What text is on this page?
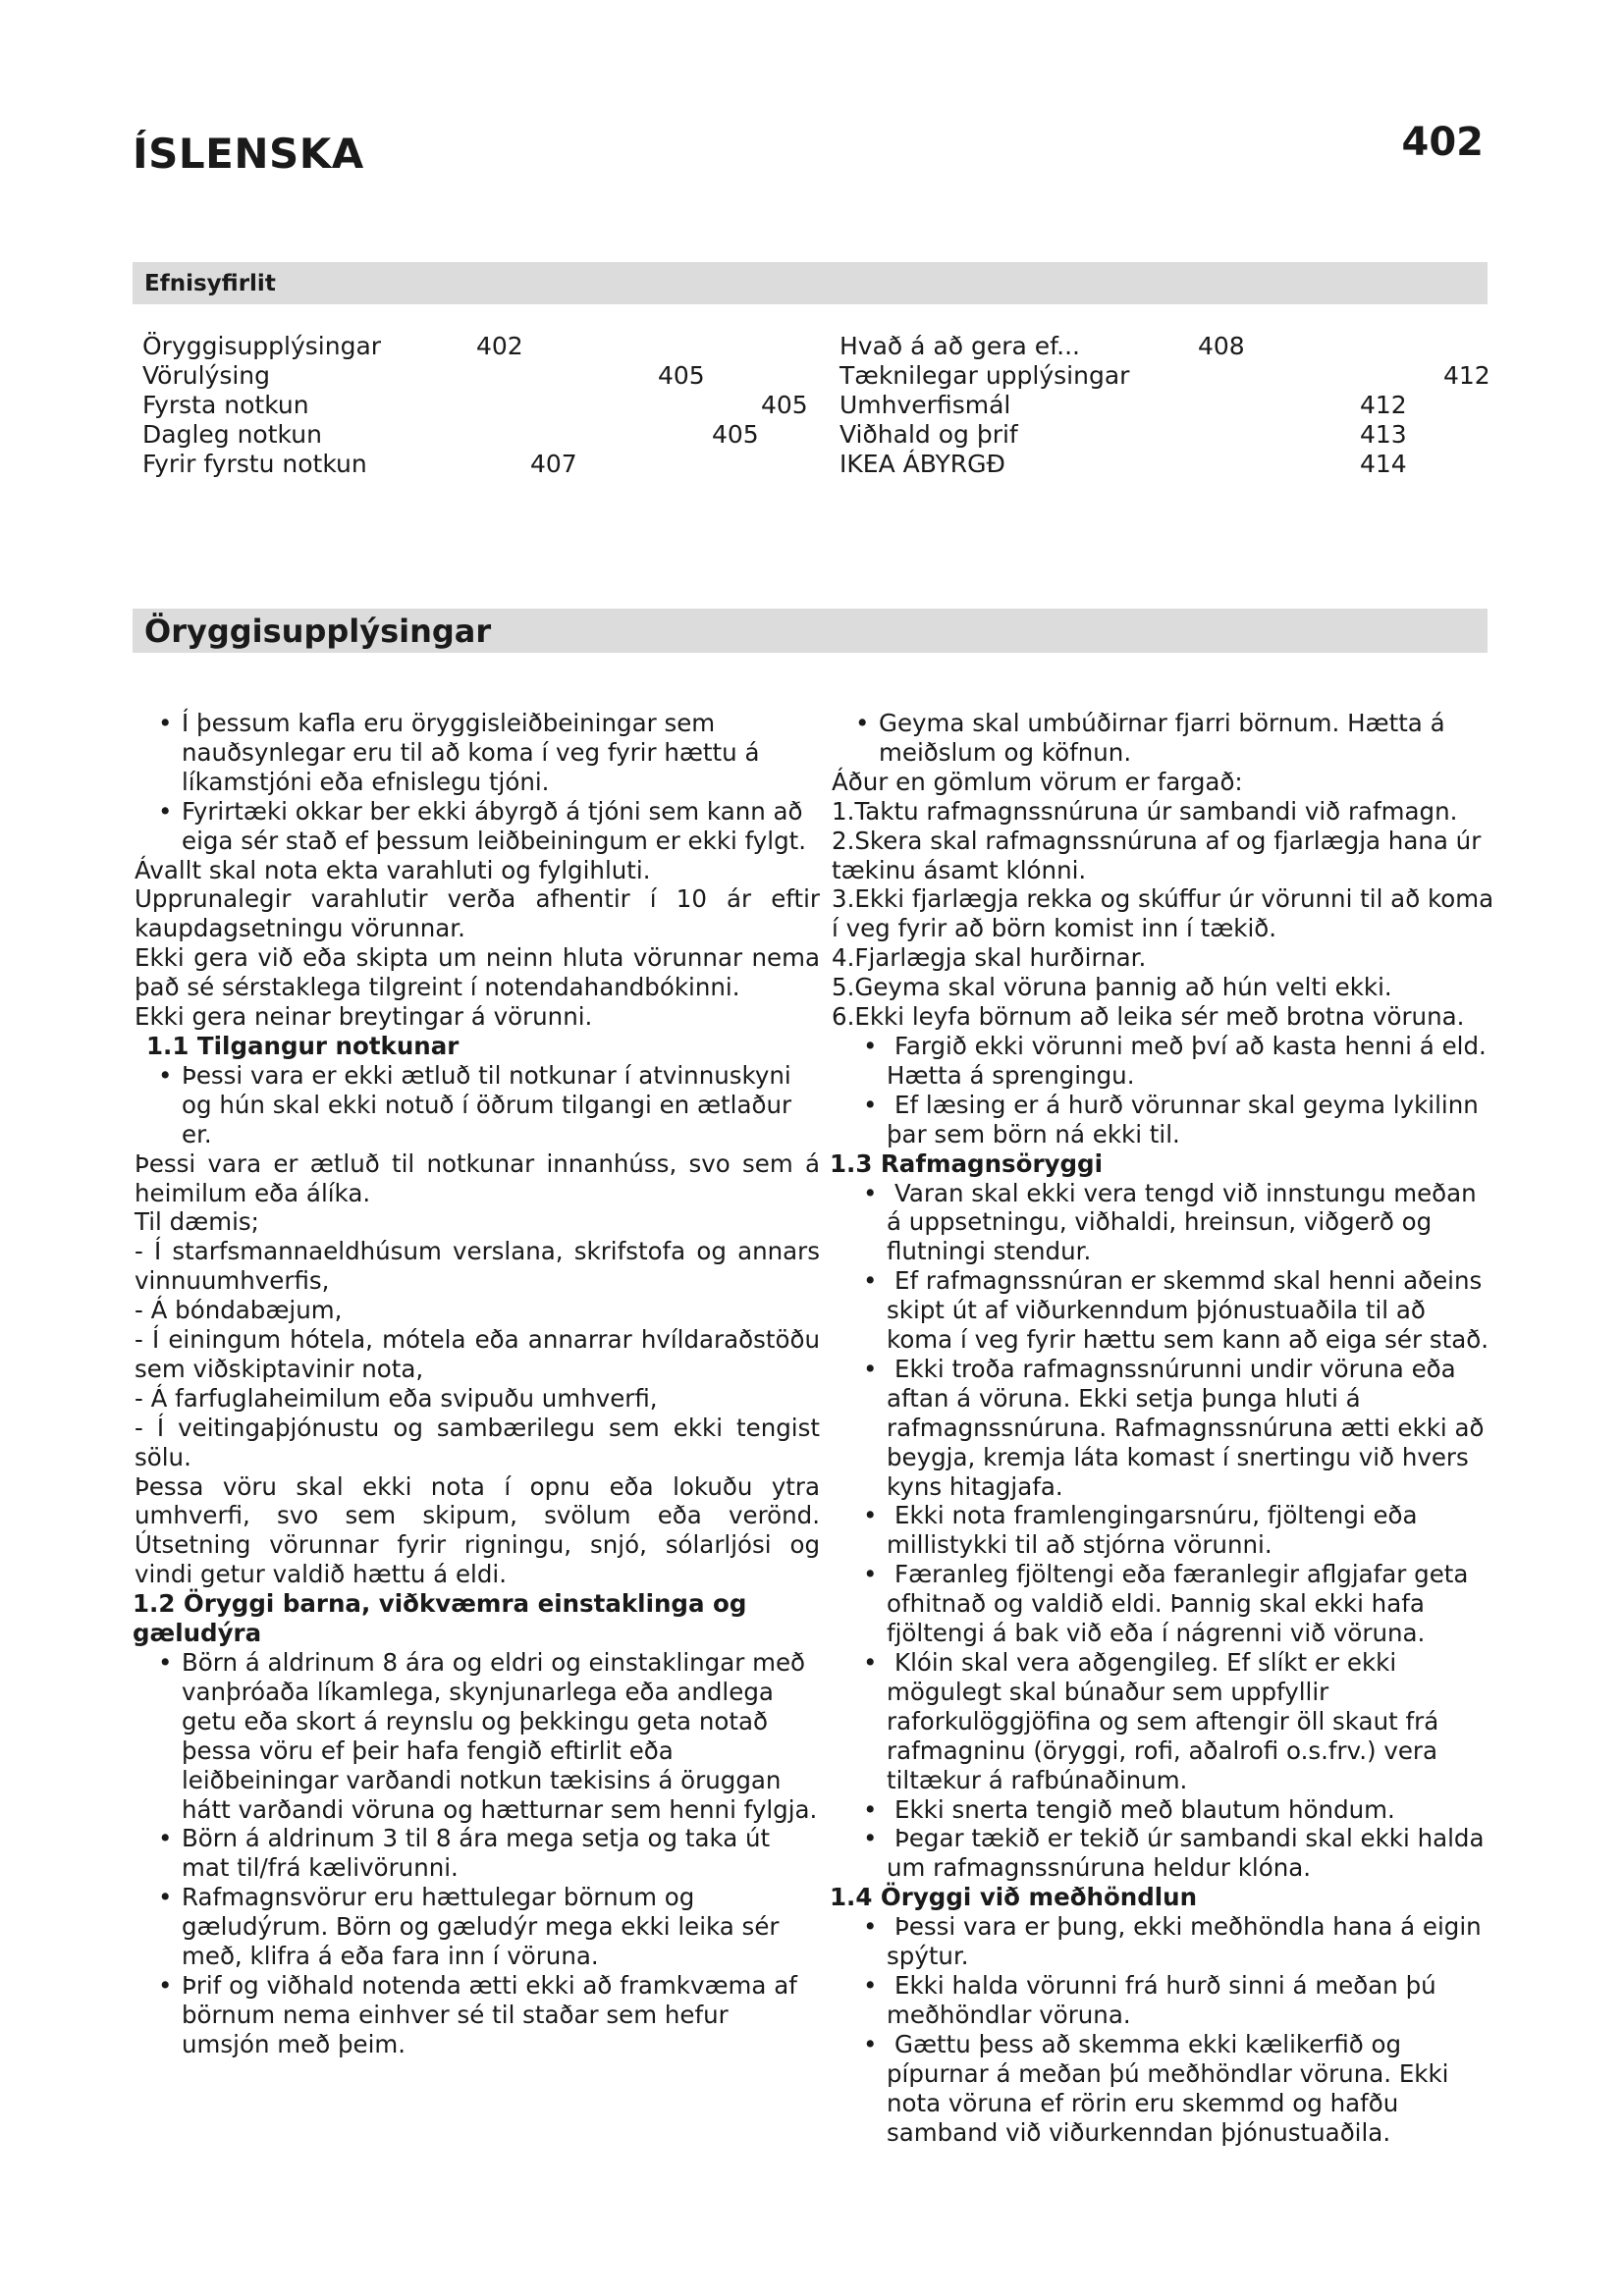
ÍSLENSKA	402
Efnisyfirlit
Öryggisupplýsingar	402
Vörulýsing	405
Fyrsta notkun	405
Dagleg notkun	405
Fyrir fyrstu notkun	407
Hvað á að gera ef...	408
Tæknilegar upplýsingar	412
Umhverfismál	412
Viðhald og þrif	413
IKEA ÁBYRGÐ	414
Öryggisupplýsingar

• Í þessum kafla eru öryggisleiðbeiningar sem nauðsynlegar eru til að koma í veg fyrir hættu á líkamstjóni eða efnislegu tjóni.

• Fyrirtæki okkar ber ekki ábyrgð á tjóni sem kann að eiga sér stað ef þessum leiðbeiningum er ekki fylgt.

Ávallt skal nota ekta varahluti og fylgihluti.

Upprunalegir varahlutir verða afhentir í 10 ár eftir kaupdagsetningu vörunnar.

Ekki gera við eða skipta um neinn hluta vörunnar nema það sé sérstaklega tilgreint í notendahandbókinni.

Ekki gera neinar breytingar á vörunni.

1.1 Tilgangur notkunar

• Þessi vara er ekki ætluð til notkunar í atvinnuskyni og hún skal ekki notuð í öðrum tilgangi en ætlaður er.

Þessi vara er ætluð til notkunar innanhúss, svo sem á heimilum eða álíka.

Til dæmis;

- Í starfsmannaeldhúsum verslana, skrifstofa og annars vinnuumhverfis,

- Á bóndabæjum,

- Í einingum hótela, mótela eða annarrar hvíldaraðstöðu sem viðskiptavinir nota,

- Á farfuglaheimilum eða svipuðu umhverfi,

- Í veitingaþjónustu og sambærilegu sem ekki tengist sölu.

Þessa vöru skal ekki nota í opnu eða lokuðu ytra umhverfi, svo sem skipum, svölum eða verönd. Útsetning vörunnar fyrir rigningu, snjó, sólarljósi og vindi getur valdið hættu á eldi.

1.2 Öryggi barna, viðkvæmra einstaklinga og gæludýra

• Börn á aldrinum 8 ára og eldri og einstaklingar með vanþróaða líkamlega, skynjunarlega eða andlega getu eða skort á reynslu og þekkingu geta notað þessa vöru ef þeir hafa fengið eftirlit eða leiðbeiningar varðandi notkun tækisins á öruggan hátt varðandi vöruna og hætturnar sem henni fylgja.

• Börn á aldrinum 3 til 8 ára mega setja og taka út mat til/frá kælivörunni.

• Rafmagnsvörur eru hættulegar börnum og gæludýrum. Börn og gæludýr mega ekki leika sér með, klifra á eða fara inn í vöruna.

• Þrif og viðhald notenda ætti ekki að framkvæma af börnum nema einhver sé til staðar sem hefur umsjón með þeim.

• Geyma skal umbúðirnar fjarri börnum. Hætta á meiðslum og köfnun.

Áður en gömlum vörum er fargað:

1.Taktu rafmagnssnúruna úr sambandi við rafmagn.

2.Skera skal rafmagnssnúruna af og fjarlægja hana úr tækinu ásamt klónni.

3.Ekki fjarlægja rekka og skúffur úr vörunni til að koma í veg fyrir að börn komist inn í tækið.

4.Fjarlægja skal hurðirnar.

5.Geyma skal vöruna þannig að hún velti ekki.

6.Ekki leyfa börnum að leika sér með brotna vöruna.

• Fargið ekki vörunni með því að kasta henni á eld. Hætta á sprengingu.

• Ef læsing er á hurð vörunnar skal geyma lykilinn þar sem börn ná ekki til.

1.3 Rafmagnsöryggi

• Varan skal ekki vera tengd við innstungu meðan á uppsetningu, viðhaldi, hreinsun, viðgerð og flutningi stendur.

• Ef rafmagnssnúran er skemmd skal henni aðeins skipt út af viðurkenndum þjónustuaðila til að koma í veg fyrir hættu sem kann að eiga sér stað.

• Ekki troða rafmagnssnúrunni undir vöruna eða aftan á vöruna. Ekki setja þunga hluti á rafmagnssnúruna. Rafmagnssnúruna ætti ekki að beygja, kremja láta komast í snertingu við hvers kyns hitagjafa.

• Ekki nota framlengingarsnúru, fjöltengi eða millistykki til að stjórna vörunni.

• Færanleg fjöltengi eða færanlegir aflgjafar geta ofhitnað og valdið eldi. Þannig skal ekki hafa fjöltengi á bak við eða í nágrenni við vöruna.

• Klóin skal vera aðgengileg. Ef slíkt er ekki mögulegt skal búnaður sem uppfyllir raforkulöggjöfina og sem aftengir öll skaut frá rafmagninu (öryggi, rofi, aðalrofi o.s.frv.) vera tiltækur á rafbúnaðinum.

• Ekki snerta tengið með blautum höndum.

• Þegar tækið er tekið úr sambandi skal ekki halda um rafmagnssnúruna heldur klóna.

1.4 Öryggi við meðhöndlun

• Þessi vara er þung, ekki meðhöndla hana á eigin spýtur.

• Ekki halda vörunni frá hurð sinni á meðan þú meðhöndlar vöruna.

• Gættu þess að skemma ekki kælikerfið og pípurnar á meðan þú meðhöndlar vöruna. Ekki nota vöruna ef rörin eru skemmd og hafðu samband við viðurkenndan þjónustuaðila.
